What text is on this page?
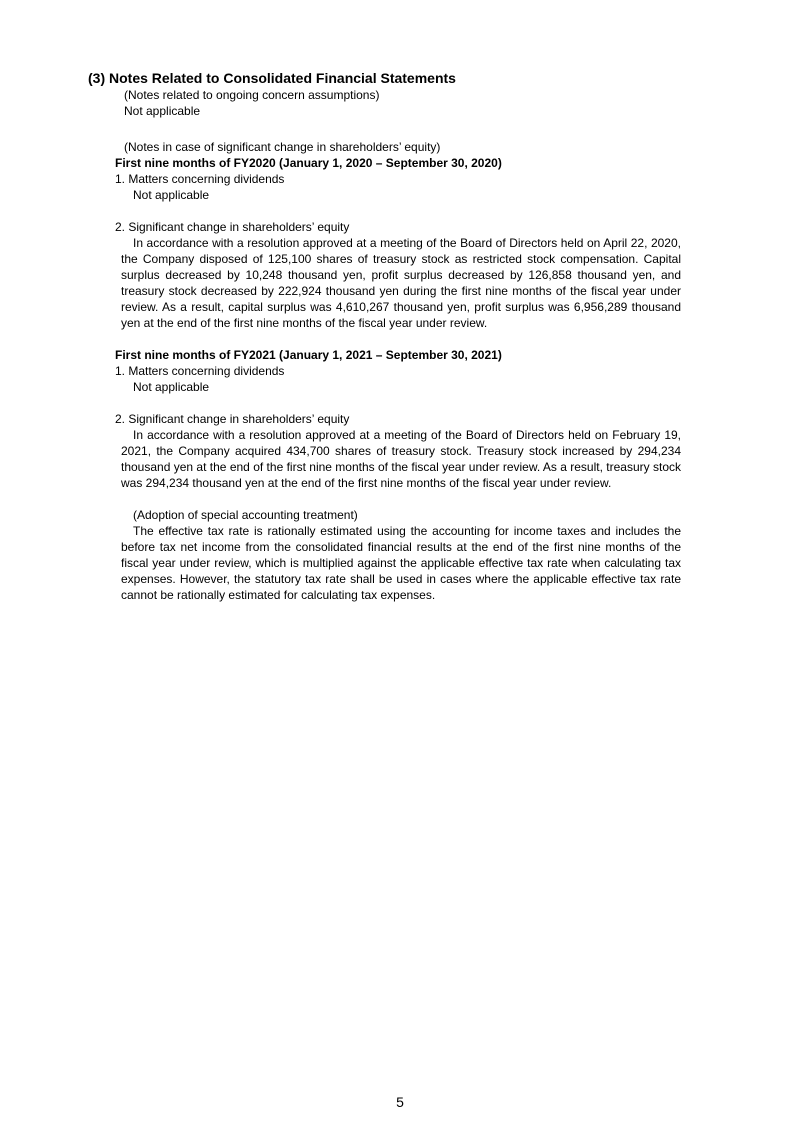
(3) Notes Related to Consolidated Financial Statements
(Notes related to ongoing concern assumptions)
Not applicable
(Notes in case of significant change in shareholders’ equity)
First nine months of FY2020 (January 1, 2020 – September 30, 2020)
1. Matters concerning dividends
Not applicable
2. Significant change in shareholders’ equity
In accordance with a resolution approved at a meeting of the Board of Directors held on April 22, 2020, the Company disposed of 125,100 shares of treasury stock as restricted stock compensation. Capital surplus decreased by 10,248 thousand yen, profit surplus decreased by 126,858 thousand yen, and treasury stock decreased by 222,924 thousand yen during the first nine months of the fiscal year under review. As a result, capital surplus was 4,610,267 thousand yen, profit surplus was 6,956,289 thousand yen at the end of the first nine months of the fiscal year under review.
First nine months of FY2021 (January 1, 2021 – September 30, 2021)
1. Matters concerning dividends
Not applicable
2. Significant change in shareholders’ equity
In accordance with a resolution approved at a meeting of the Board of Directors held on February 19, 2021, the Company acquired 434,700 shares of treasury stock. Treasury stock increased by 294,234 thousand yen at the end of the first nine months of the fiscal year under review. As a result, treasury stock was 294,234 thousand yen at the end of the first nine months of the fiscal year under review.
(Adoption of special accounting treatment)
The effective tax rate is rationally estimated using the accounting for income taxes and includes the before tax net income from the consolidated financial results at the end of the first nine months of the fiscal year under review, which is multiplied against the applicable effective tax rate when calculating tax expenses. However, the statutory tax rate shall be used in cases where the applicable effective tax rate cannot be rationally estimated for calculating tax expenses.
5
